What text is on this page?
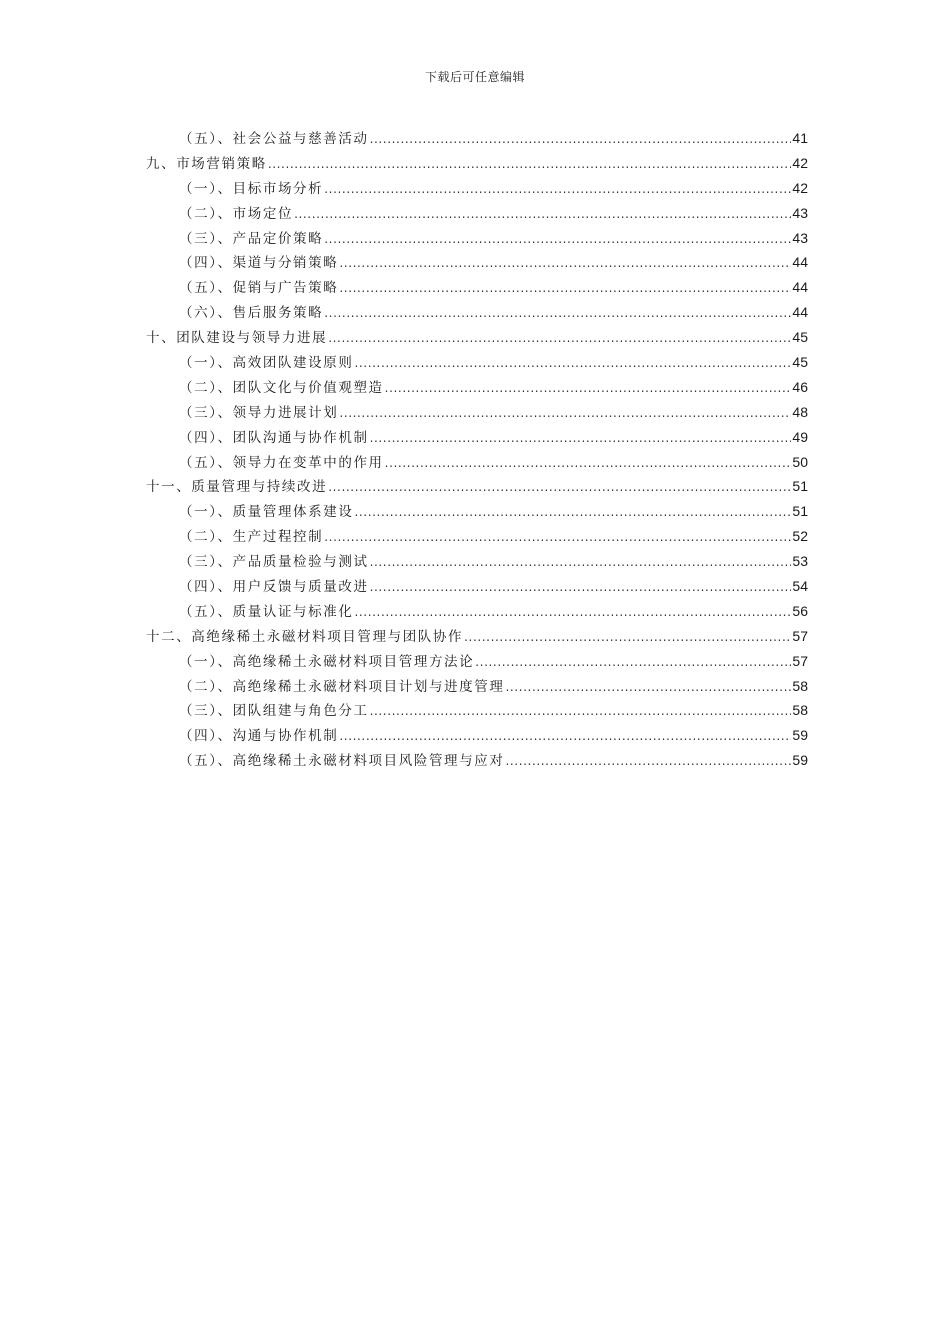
下载后可任意编辑
（五）、社会公益与慈善活动 .....	41
九、市场营销策略 .....	42
（一）、目标市场分析 .....	42
（二）、市场定位 .....	43
（三）、产品定价策略 .....	43
（四）、渠道与分销策略 .....	44
（五）、促销与广告策略 .....	44
（六）、售后服务策略 .....	44
十、团队建设与领导力进展 .....	45
（一）、高效团队建设原则 .....	45
（二）、团队文化与价值观塑造 .....	46
（三）、领导力进展计划 .....	48
（四）、团队沟通与协作机制 .....	49
（五）、领导力在变革中的作用 .....	50
十一、质量管理与持续改进 .....	51
（一）、质量管理体系建设 .....	51
（二）、生产过程控制 .....	52
（三）、产品质量检验与测试 .....	53
（四）、用户反馈与质量改进 .....	54
（五）、质量认证与标准化 .....	56
十二、高绝缘稀土永磁材料项目管理与团队协作 .....	57
（一）、高绝缘稀土永磁材料项目管理方法论 .....	57
（二）、高绝缘稀土永磁材料项目计划与进度管理 .....	58
（三）、团队组建与角色分工 .....	58
（四）、沟通与协作机制 .....	59
（五）、高绝缘稀土永磁材料项目风险管理与应对 .....	59
